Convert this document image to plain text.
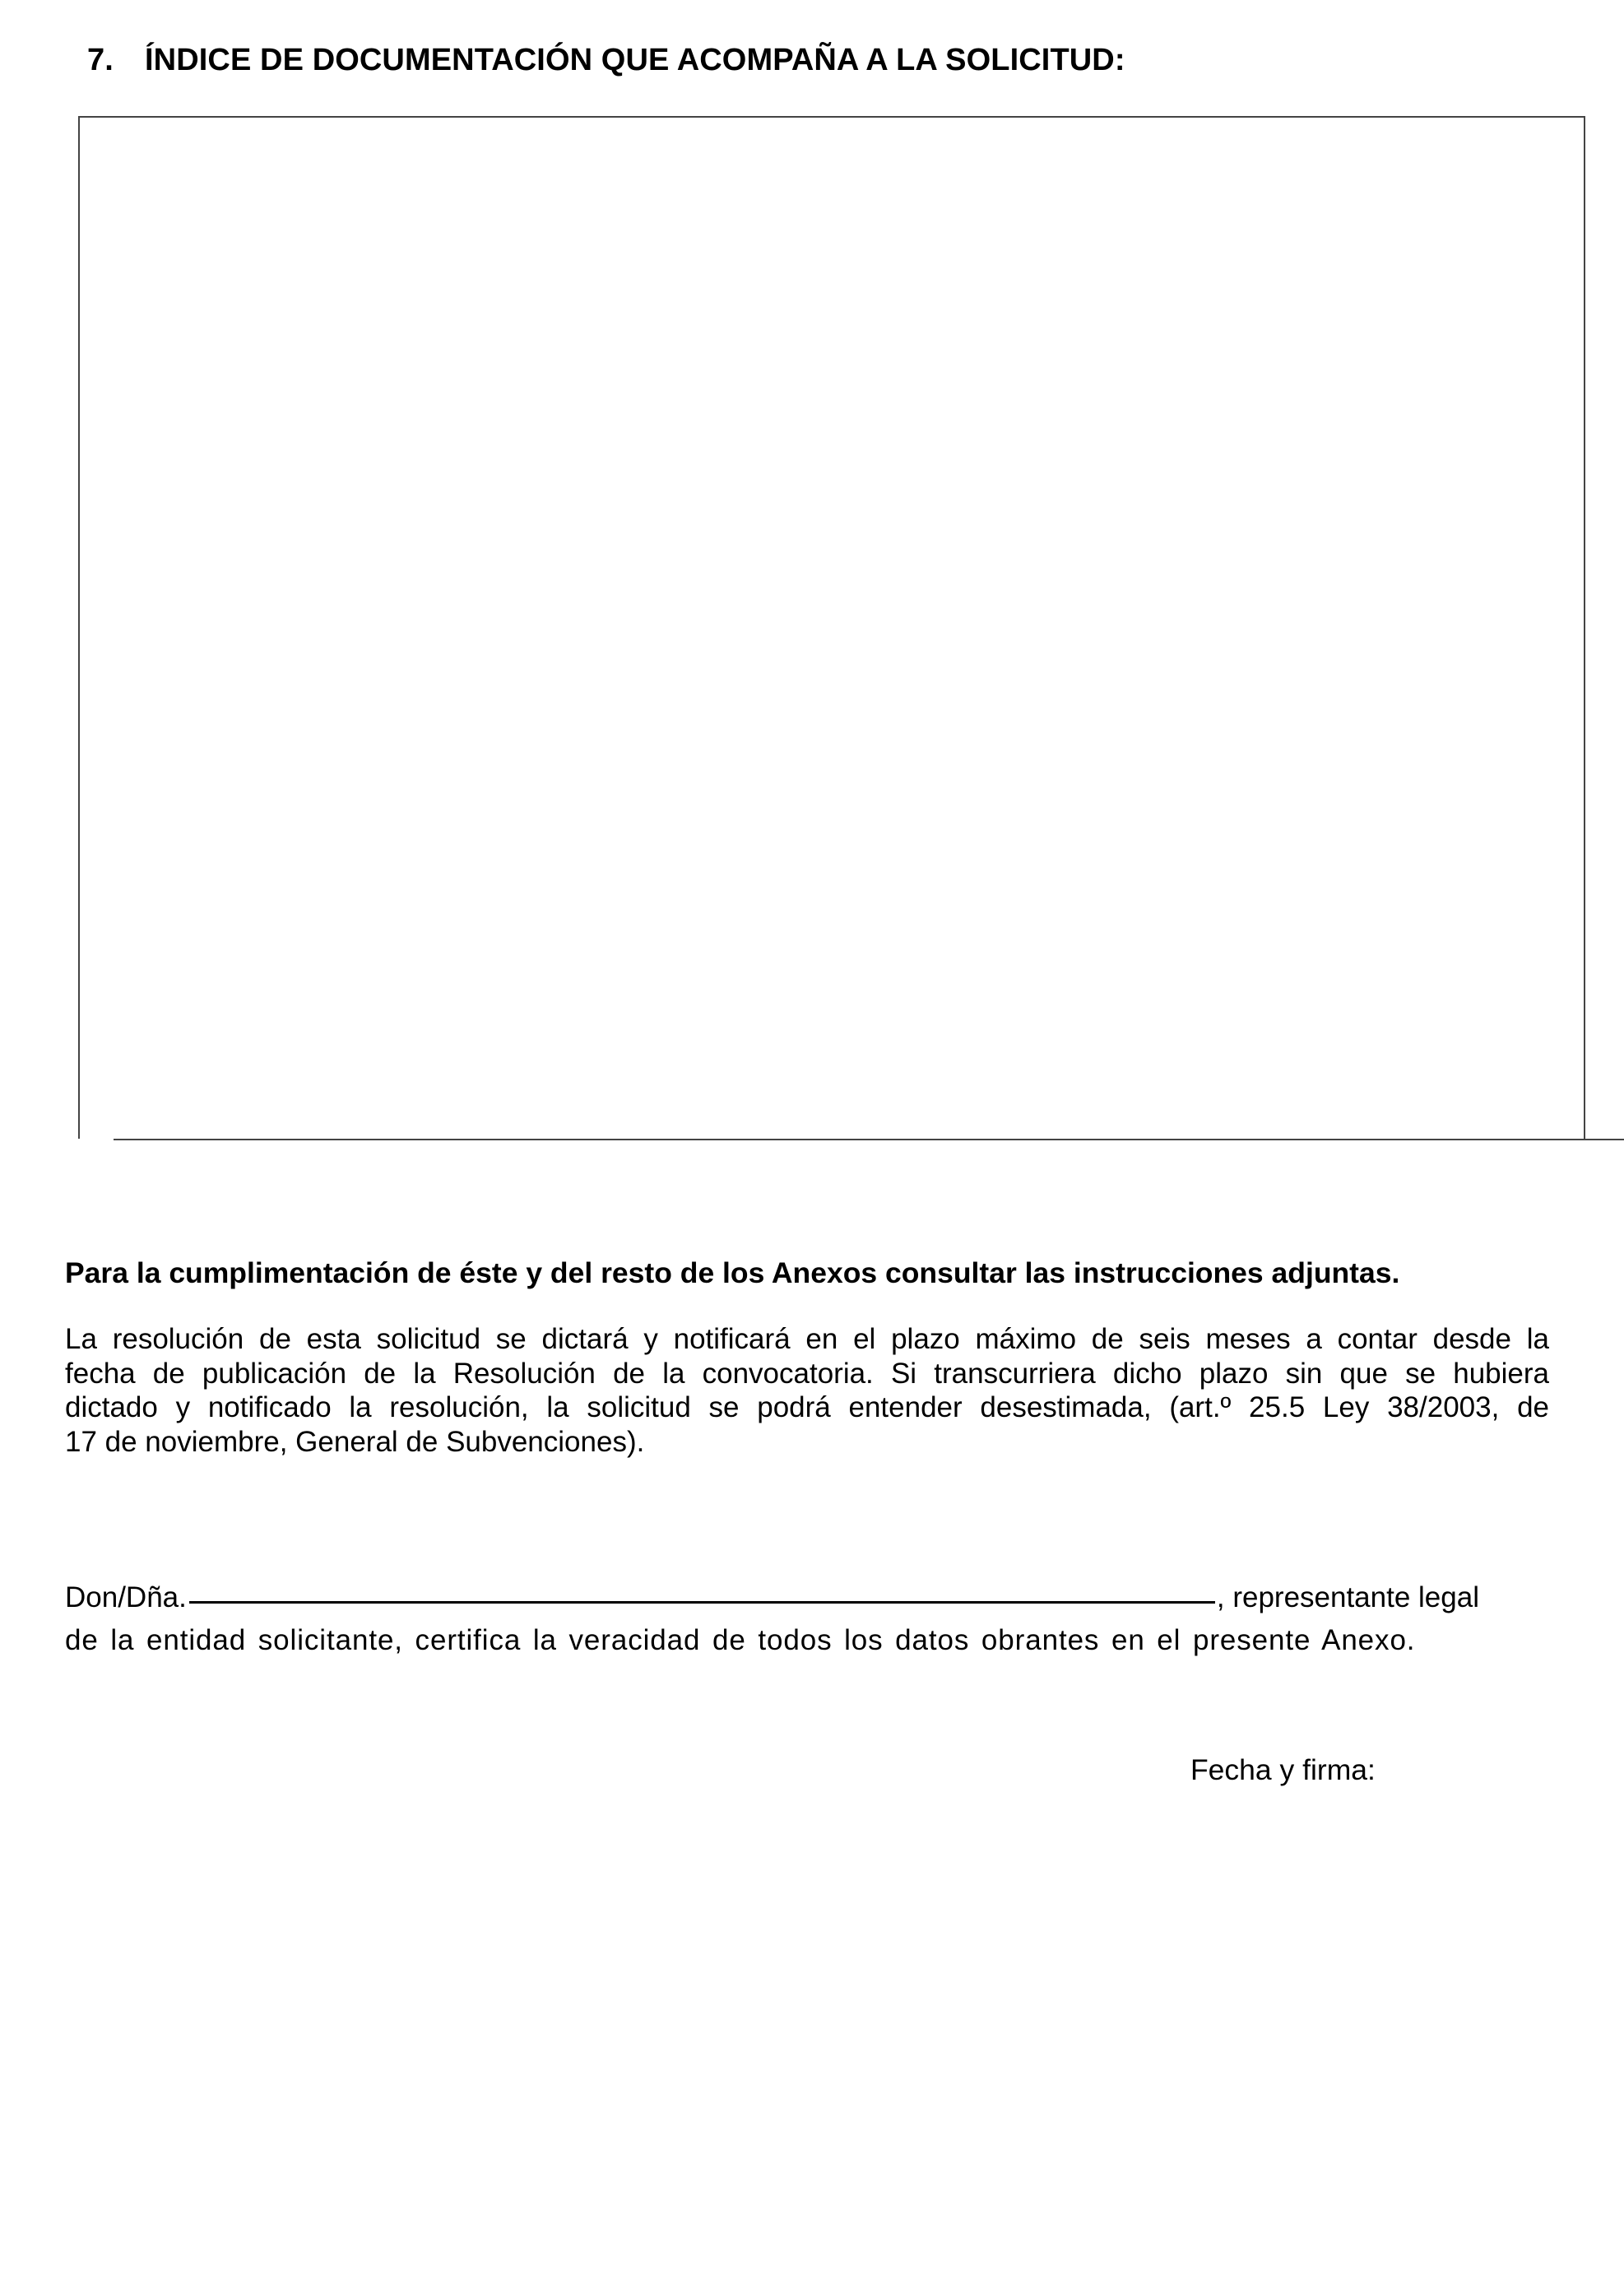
7. ÍNDICE DE DOCUMENTACIÓN QUE ACOMPAÑA A LA SOLICITUD:
Para la cumplimentación de éste y del resto de los Anexos consultar las instrucciones adjuntas.
La resolución de esta solicitud se dictará y notificará en el plazo máximo de seis meses a contar desde la
fecha de publicación de la Resolución de la convocatoria. Si transcurriera dicho plazo sin que se hubiera
dictado y notificado la resolución, la solicitud se podrá entender desestimada, (art.º 25.5 Ley 38/2003, de
17 de noviembre, General de Subvenciones).
Don/Dña.	, representante legal
de la entidad solicitante, certifica la veracidad de todos los datos obrantes en el presente Anexo.
Fecha y firma:
